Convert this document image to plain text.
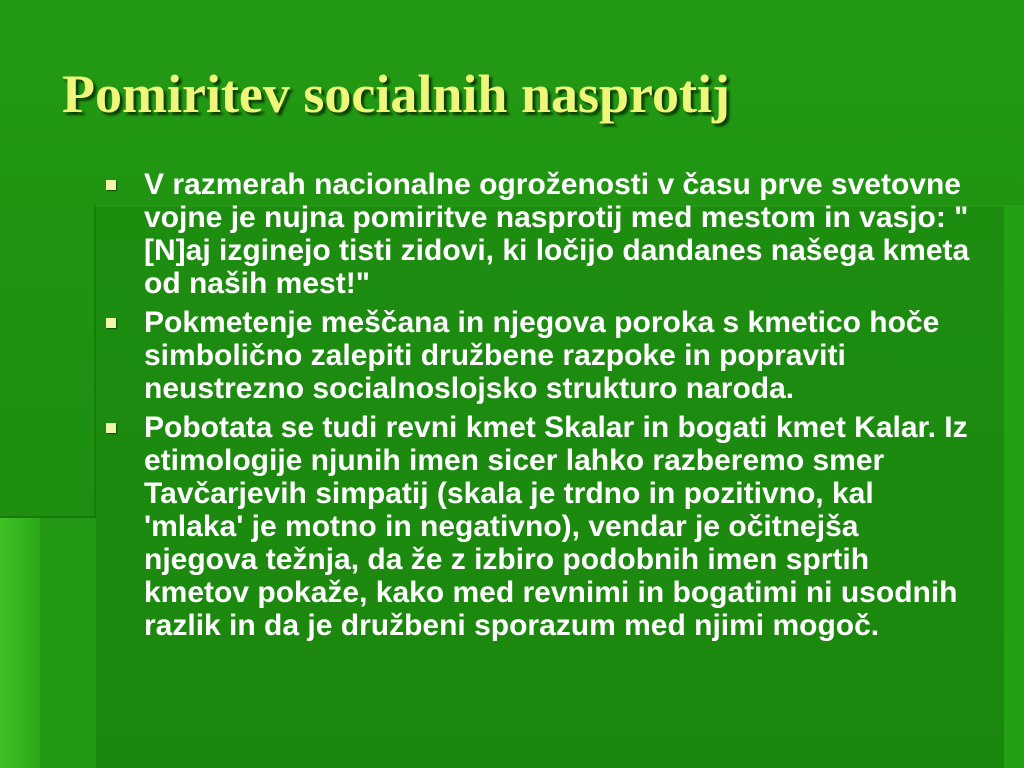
Pomiritev socialnih nasprotij
V razmerah nacionalne ogroženosti v času prve svetovne vojne je nujna pomiritve nasprotij med mestom in vasjo: "[N]aj izginejo tisti zidovi, ki ločijo dandanes našega kmeta od naših mest!"
Pokmetenje meščana in njegova poroka s kmetico hoče simbolično zalepiti družbene razpoke in popraviti neustrezno socialnoslojsko strukturo naroda.
Pobotata se tudi revni kmet Skalar in bogati kmet Kalar. Iz etimologije njunih imen sicer lahko razberemo smer Tavčarjevih simpatij (skala je trdno in pozitivno, kal 'mlaka' je motno in negativno), vendar je očitnejša njegova težnja, da že z izbiro podobnih imen sprtih kmetov pokaže, kako med revnimi in bogatimi ni usodnih razlik in da je družbeni sporazum med njimi mogoč.
